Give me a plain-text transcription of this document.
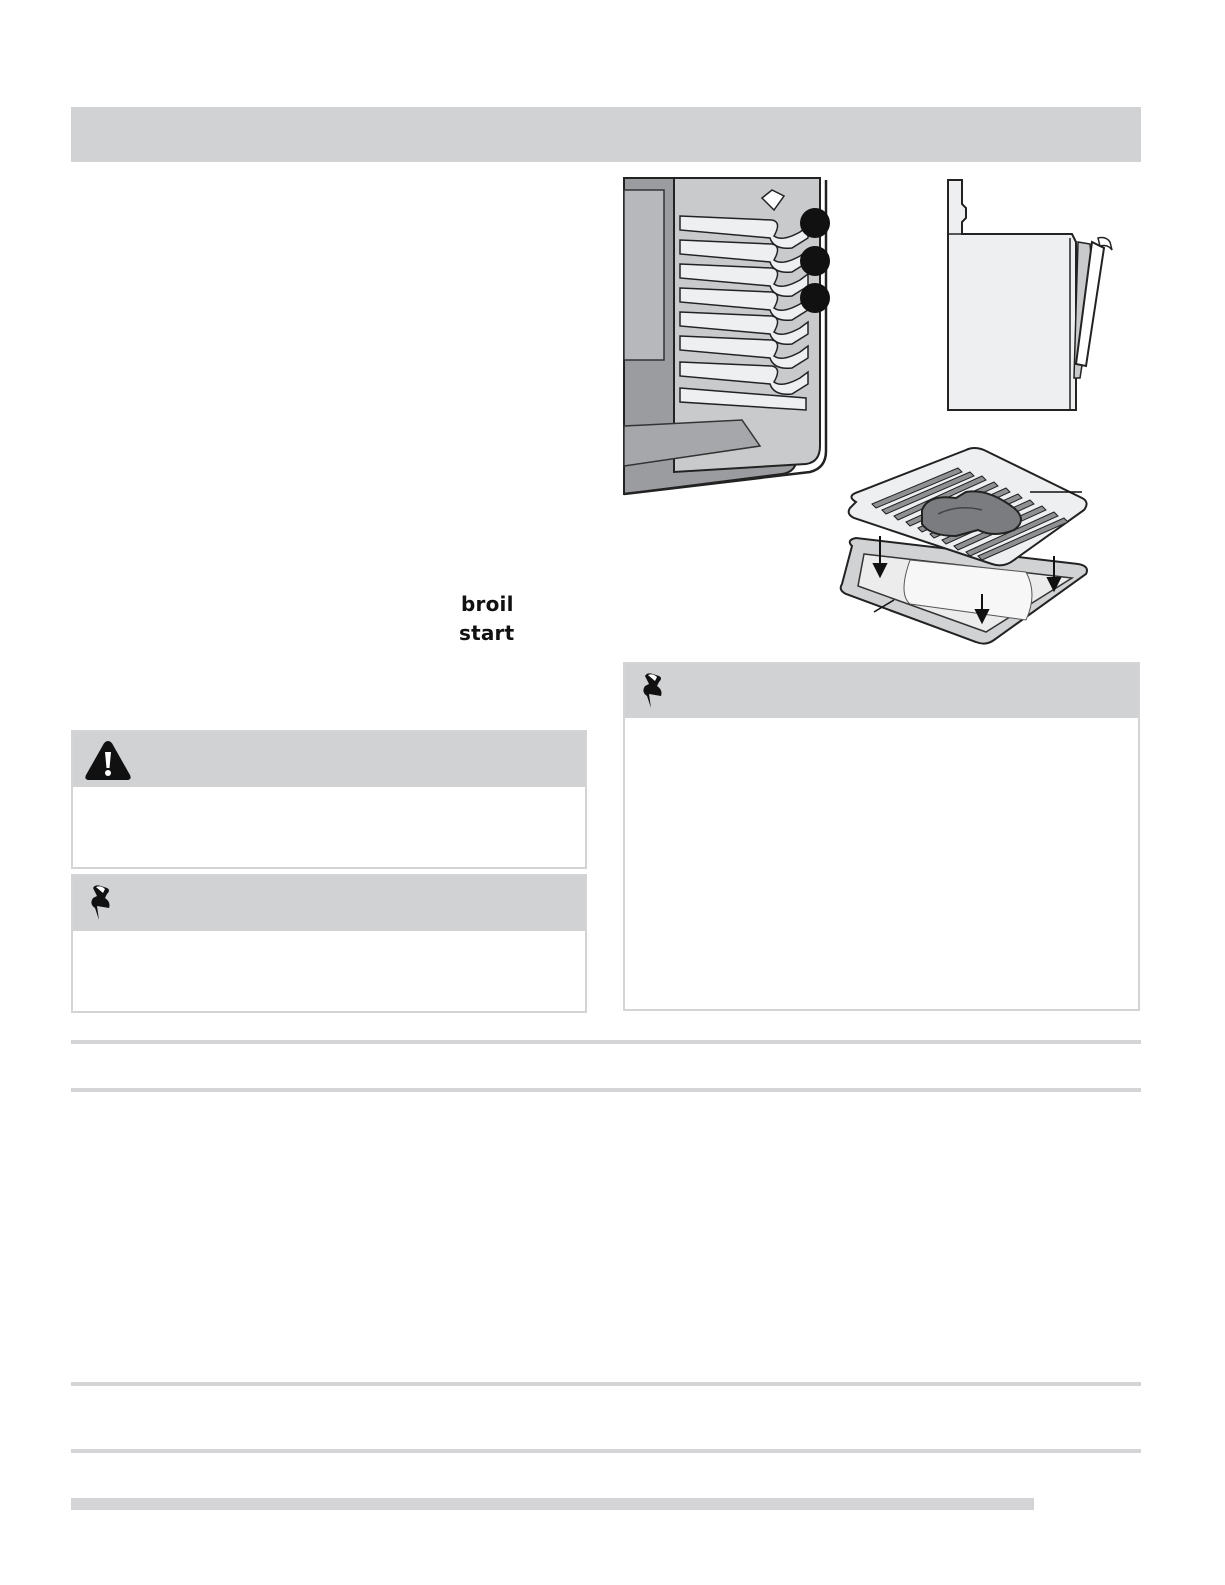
broil
start
